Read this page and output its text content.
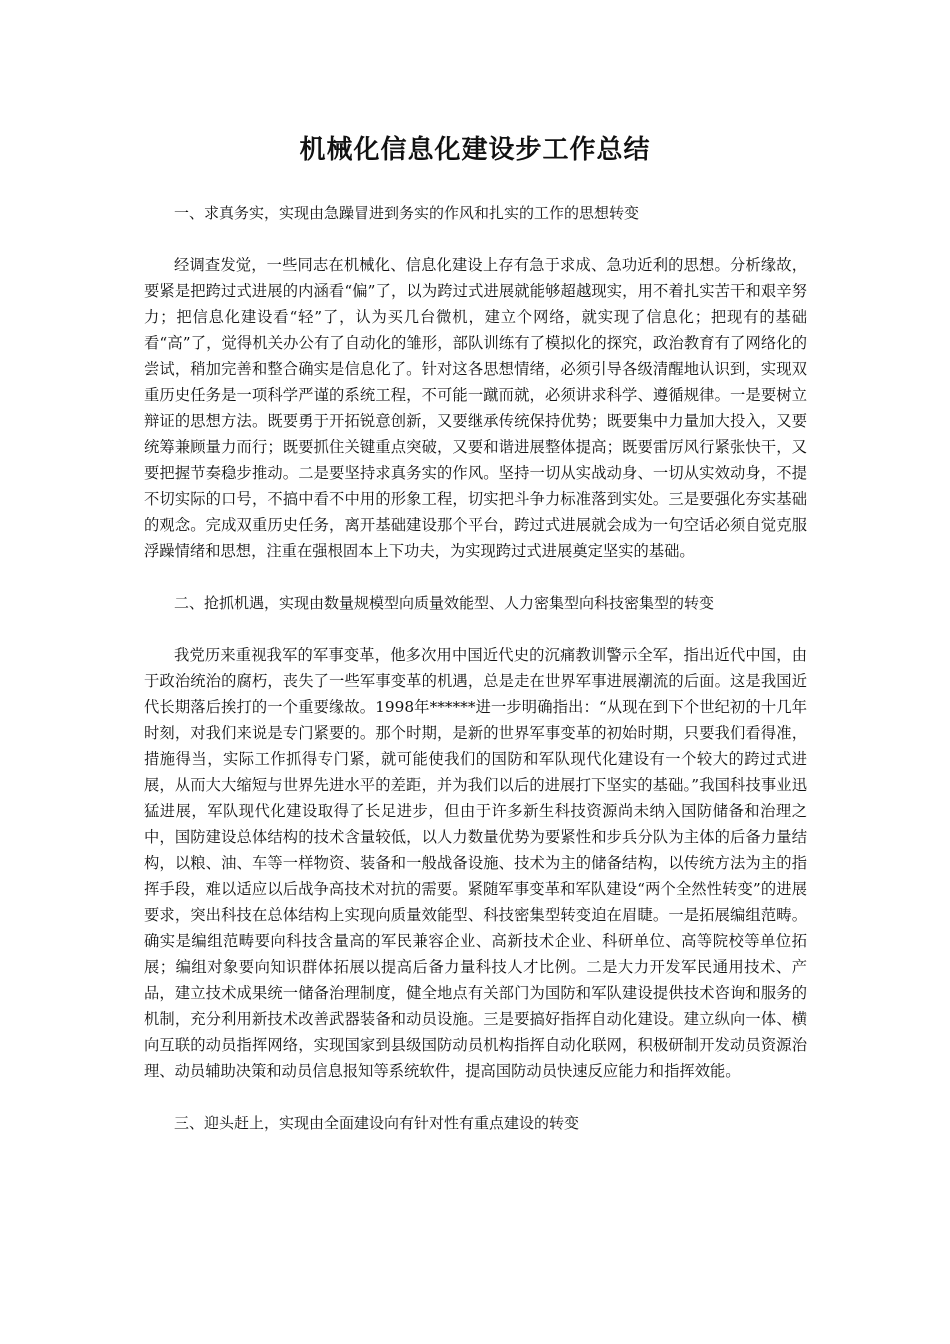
机械化信息化建设步工作总结

一、求真务实，实现由急躁冒进到务实的作风和扎实的工作的思想转变

经调查发觉，一些同志在机械化、信息化建设上存有急于求成、急功近利的思想。分析缘故，要紧是把跨过式进展的内涵看“偏”了，以为跨过式进展就能够超越现实，用不着扎实苦干和艰辛努力；把信息化建设看“轻”了，认为买几台微机，建立个网络，就实现了信息化；把现有的基础看“高”了，觉得机关办公有了自动化的雏形，部队训练有了模拟化的探究，政治教育有了网络化的尝试，稍加完善和整合确实是信息化了。针对这各思想情绪，必须引导各级清醒地认识到，实现双重历史任务是一项科学严谨的系统工程，不可能一蹴而就，必须讲求科学、遵循规律。一是要树立辩证的思想方法。既要勇于开拓锐意创新，又要继承传统保持优势；既要集中力量加大投入，又要统筹兼顾量力而行；既要抓住关键重点突破，又要和谐进展整体提高；既要雷厉风行紧张快干，又要把握节奏稳步推动。二是要坚持求真务实的作风。坚持一切从实战动身、一切从实效动身，不提不切实际的口号，不搞中看不中用的形象工程，切实把斗争力标准落到实处。三是要强化夯实基础的观念。完成双重历史任务，离开基础建设那个平台，跨过式进展就会成为一句空话必须自觉克服浮躁情绪和思想，注重在强根固本上下功夫，为实现跨过式进展奠定坚实的基础。

二、抢抓机遇，实现由数量规模型向质量效能型、人力密集型向科技密集型的转变

我党历来重视我军的军事变革，他多次用中国近代史的沉痛教训警示全军，指出近代中国，由于政治统治的腐朽，丧失了一些军事变革的机遇，总是走在世界军事进展潮流的后面。这是我国近代长期落后挨打的一个重要缘故。1998年******进一步明确指出：“从现在到下个世纪初的十几年时刻，对我们来说是专门紧要的。那个时期，是新的世界军事变革的初始时期，只要我们看得准，措施得当，实际工作抓得专门紧，就可能使我们的国防和军队现代化建设有一个较大的跨过式进展，从而大大缩短与世界先进水平的差距，并为我们以后的进展打下坚实的基础。”我国科技事业迅猛进展，军队现代化建设取得了长足进步，但由于许多新生科技资源尚未纳入国防储备和治理之中，国防建设总体结构的技术含量较低，以人力数量优势为要紧性和步兵分队为主体的后备力量结构，以粮、油、车等一样物资、装备和一般战备设施、技术为主的储备结构，以传统方法为主的指挥手段，难以适应以后战争高技术对抗的需要。紧随军事变革和军队建设“两个全然性转变”的进展要求，突出科技在总体结构上实现向质量效能型、科技密集型转变迫在眉睫。一是拓展编组范畴。确实是编组范畴要向科技含量高的军民兼容企业、高新技术企业、科研单位、高等院校等单位拓展；编组对象要向知识群体拓展以提高后备力量科技人才比例。二是大力开发军民通用技术、产品，建立技术成果统一储备治理制度，健全地点有关部门为国防和军队建设提供技术咨询和服务的机制，充分利用新技术改善武器装备和动员设施。三是要搞好指挥自动化建设。建立纵向一体、横向互联的动员指挥网络，实现国家到县级国防动员机构指挥自动化联网，积极研制开发动员资源治理、动员辅助决策和动员信息报知等系统软件，提高国防动员快速反应能力和指挥效能。

三、迎头赶上，实现由全面建设向有针对性有重点建设的转变
